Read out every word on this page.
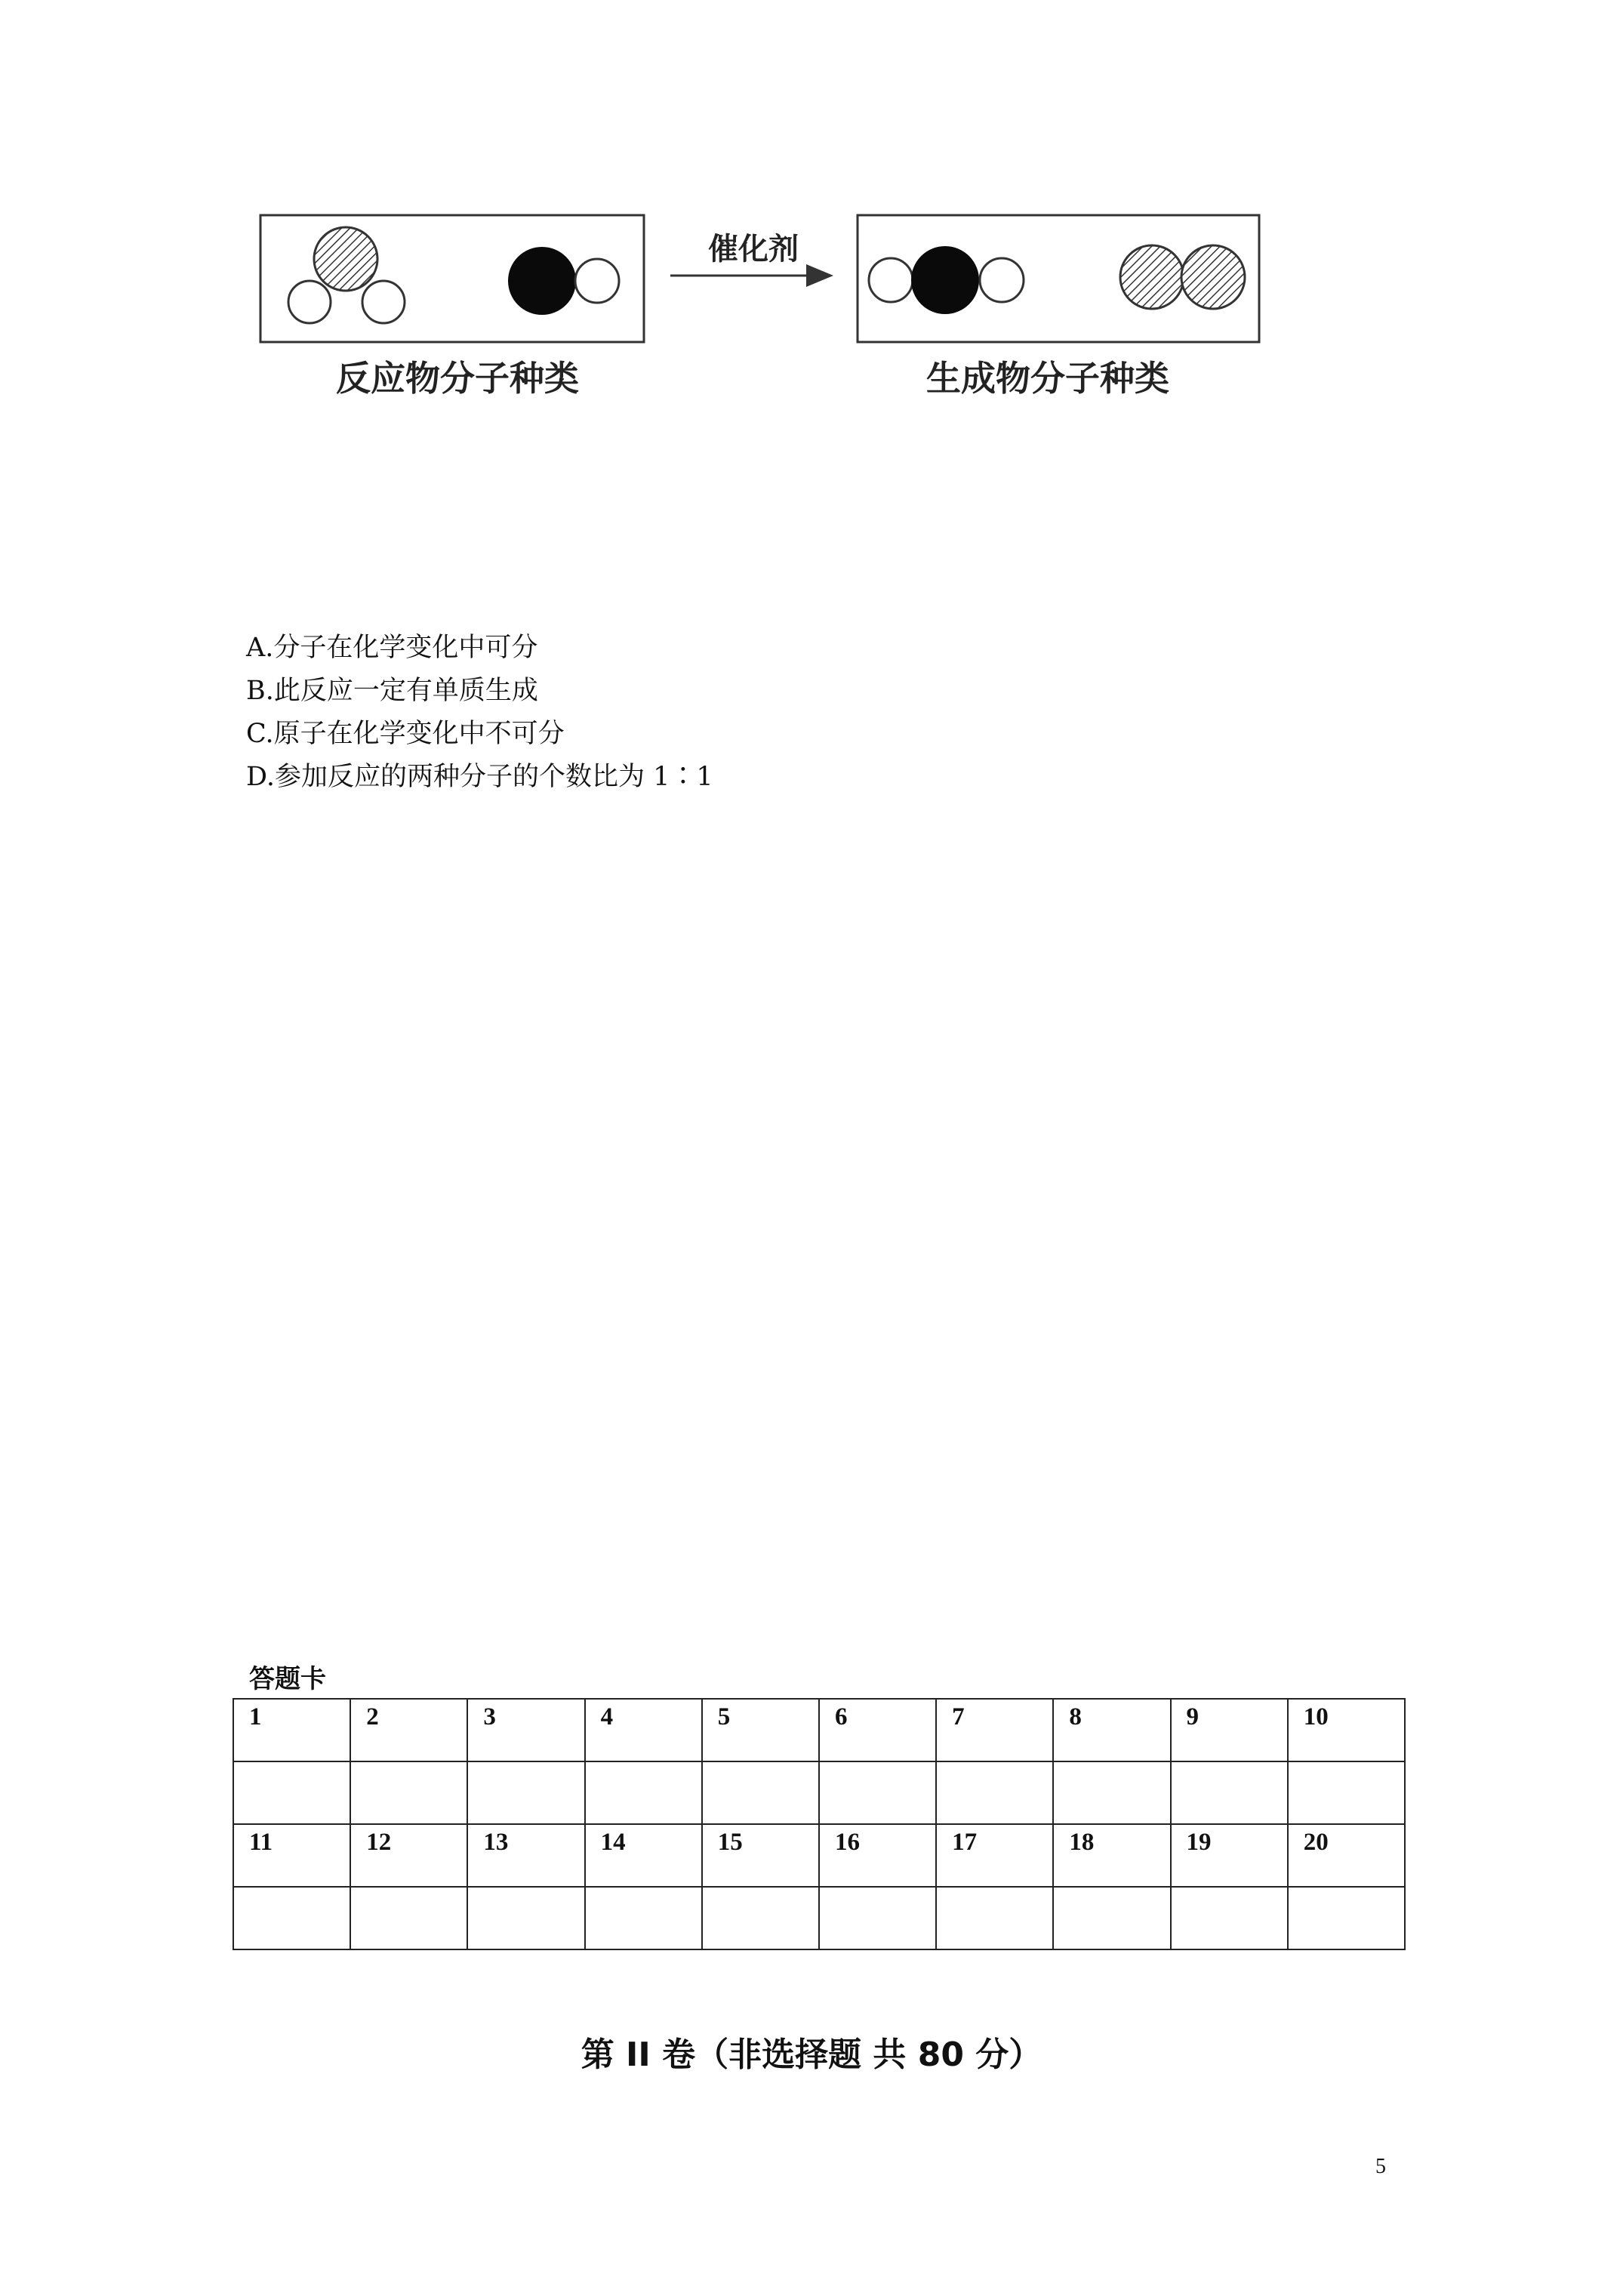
催化剂
反应物分子种类	生成物分子种类
A.分子在化学变化中可分
B.此反应一定有单质生成
C.原子在化学变化中不可分
D.参加反应的两种分子的个数比为 1∶1
答题卡
1	2	3	4	5	6	7	8	9	10

11	12	13	14	15	16	17	18	19	20

第 II 卷（非选择题 共 80 分）
5
